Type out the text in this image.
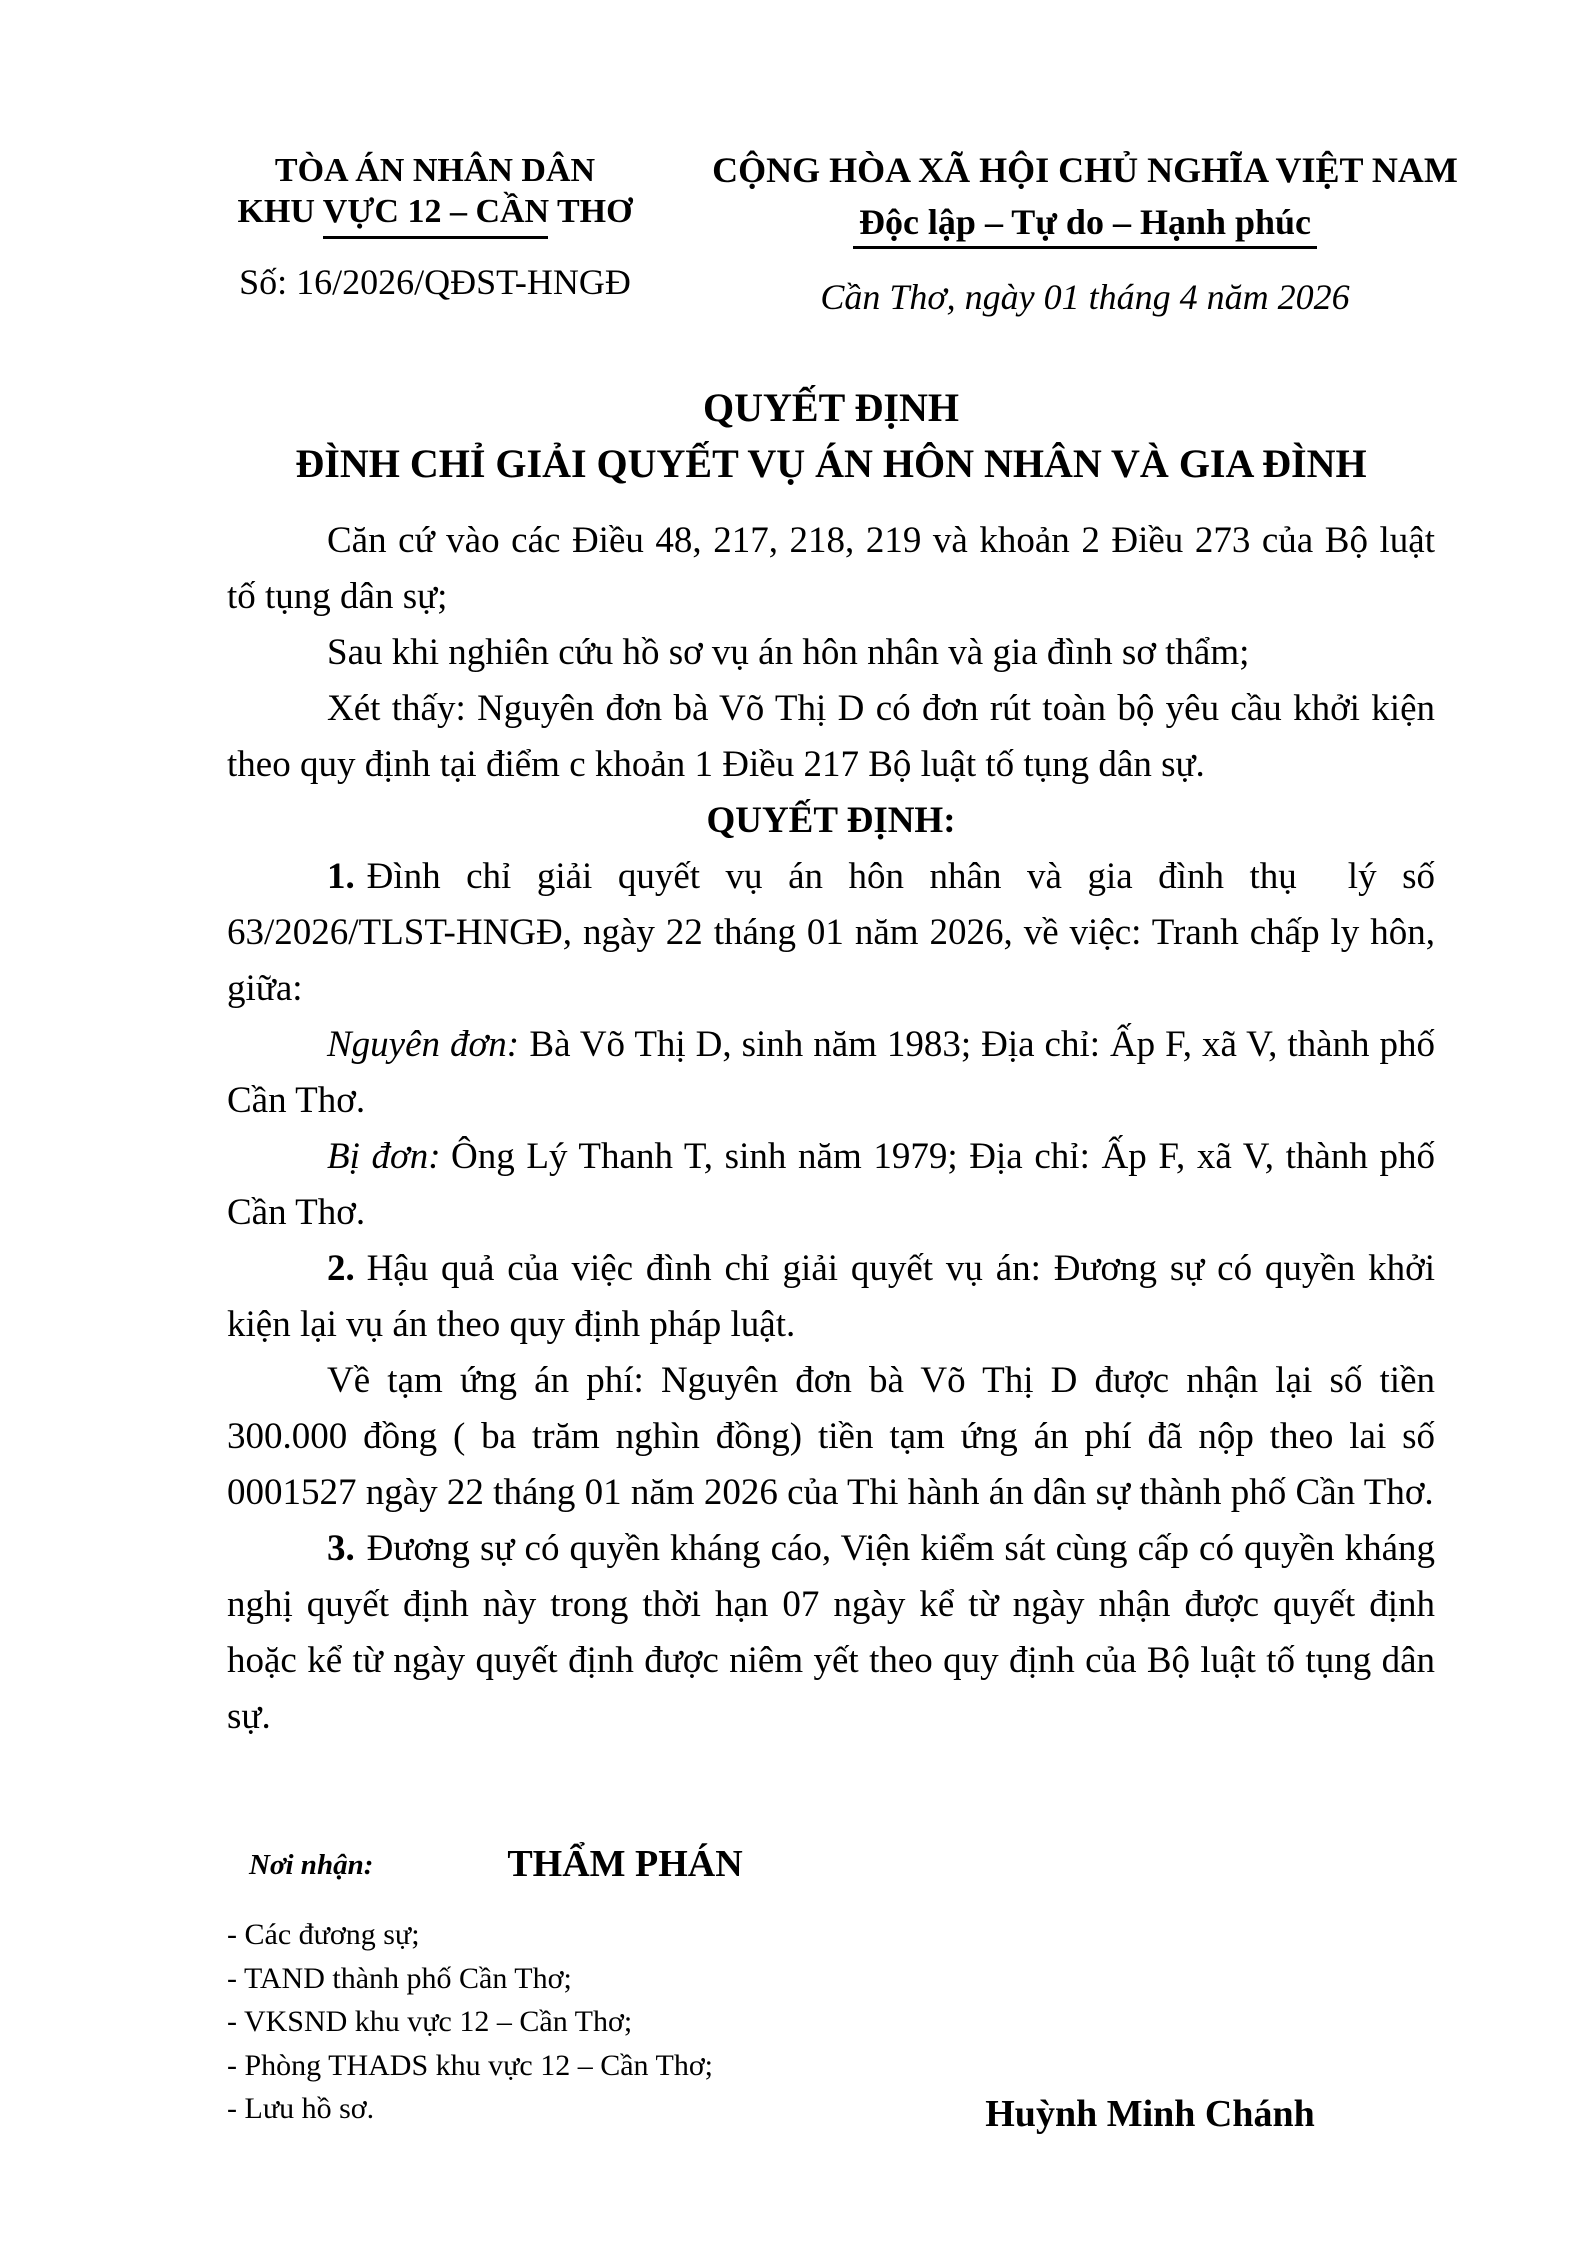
TÒA ÁN NHÂN DÂN
KHU VỰC 12 – CẦN THƠ
Số: 16/2026/QĐST-HNGĐ
CỘNG HÒA XÃ HỘI CHỦ NGHĨA VIỆT NAM
Độc lập – Tự do – Hạnh phúc
Cần Thơ, ngày 01 tháng 4 năm 2026
QUYẾT ĐỊNH
ĐÌNH CHỈ GIẢI QUYẾT VỤ ÁN HÔN NHÂN VÀ GIA ĐÌNH

Căn cứ vào các Điều 48, 217, 218, 219 và khoản 2 Điều 273 của Bộ luật tố tụng dân sự;

Sau khi nghiên cứu hồ sơ vụ án hôn nhân và gia đình sơ thẩm;

Xét thấy: Nguyên đơn bà Võ Thị D có đơn rút toàn bộ yêu cầu khởi kiện theo quy định tại điểm c khoản 1 Điều 217 Bộ luật tố tụng dân sự.

QUYẾT ĐỊNH:

1. Đình chỉ giải quyết vụ án hôn nhân và gia đình thụ  lý số 63/2026/TLST-HNGĐ, ngày 22 tháng 01 năm 2026, về việc: Tranh chấp ly hôn, giữa:

Nguyên đơn: Bà Võ Thị D, sinh năm 1983; Địa chỉ: Ấp F, xã V, thành phố Cần Thơ.

Bị đơn: Ông Lý Thanh T, sinh năm 1979; Địa chỉ: Ấp F, xã V, thành phố Cần Thơ.

2. Hậu quả của việc đình chỉ giải quyết vụ án: Đương sự có quyền khởi kiện lại vụ án theo quy định pháp luật.

Về tạm ứng án phí: Nguyên đơn bà Võ Thị D được nhận lại số tiền 300.000 đồng ( ba trăm nghìn đồng) tiền tạm ứng án phí đã nộp theo lai số 0001527 ngày 22 tháng 01 năm 2026 của Thi hành án dân sự thành phố Cần Thơ.

3. Đương sự có quyền kháng cáo, Viện kiểm sát cùng cấp có quyền kháng nghị quyết định này trong thời hạn 07 ngày kể từ ngày nhận được quyết định hoặc kể từ ngày quyết định được niêm yết theo quy định của Bộ luật tố tụng dân sự.

Nơi nhận:
- Các đương sự;
- TAND thành phố Cần Thơ;
- VKSND khu vực 12 – Cần Thơ;
- Phòng THADS khu vực 12 – Cần Thơ;
- Lưu hồ sơ.
THẨM PHÁN
Huỳnh Minh Chánh
